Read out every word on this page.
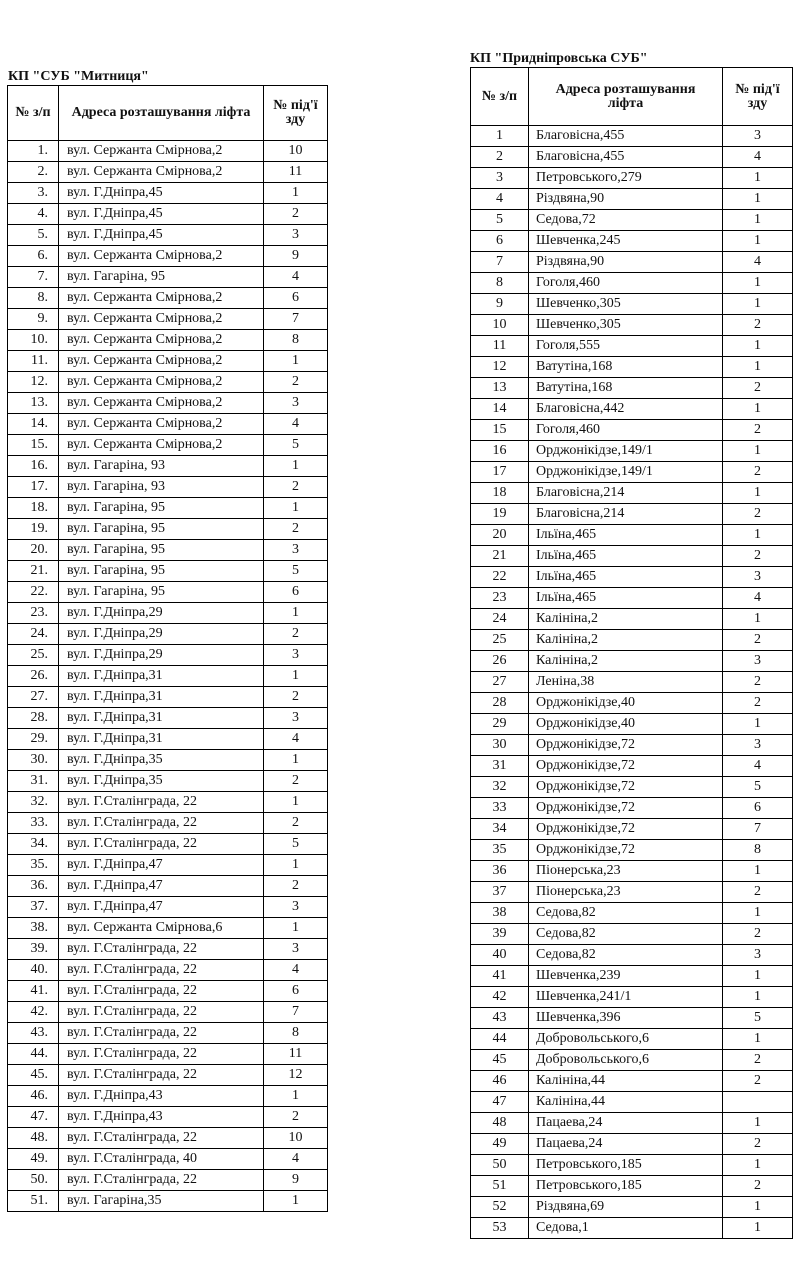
КП "СУБ "Митниця"
№ з/п	Адреса розташування ліфта	№ під'їзду
1.	вул. Сержанта Смірнова,2	10
2.	вул. Сержанта Смірнова,2	11
3.	вул. Г.Дніпра,45	1
4.	вул. Г.Дніпра,45	2
5.	вул. Г.Дніпра,45	3
6.	вул. Сержанта Смірнова,2	9
7.	вул. Гагаріна, 95	4
8.	вул. Сержанта Смірнова,2	6
9.	вул. Сержанта Смірнова,2	7
10.	вул. Сержанта Смірнова,2	8
11.	вул. Сержанта Смірнова,2	1
12.	вул. Сержанта Смірнова,2	2
13.	вул. Сержанта Смірнова,2	3
14.	вул. Сержанта Смірнова,2	4
15.	вул. Сержанта Смірнова,2	5
16.	вул. Гагаріна, 93	1
17.	вул. Гагаріна, 93	2
18.	вул. Гагаріна, 95	1
19.	вул. Гагаріна, 95	2
20.	вул. Гагаріна, 95	3
21.	вул. Гагаріна, 95	5
22.	вул. Гагаріна, 95	6
23.	вул. Г.Дніпра,29	1
24.	вул. Г.Дніпра,29	2
25.	вул. Г.Дніпра,29	3
26.	вул. Г.Дніпра,31	1
27.	вул. Г.Дніпра,31	2
28.	вул. Г.Дніпра,31	3
29.	вул. Г.Дніпра,31	4
30.	вул. Г.Дніпра,35	1
31.	вул. Г.Дніпра,35	2
32.	вул. Г.Сталінграда, 22	1
33.	вул. Г.Сталінграда, 22	2
34.	вул. Г.Сталінграда, 22	5
35.	вул. Г.Дніпра,47	1
36.	вул. Г.Дніпра,47	2
37.	вул. Г.Дніпра,47	3
38.	вул. Сержанта Смірнова,6	1
39.	вул. Г.Сталінграда, 22	3
40.	вул. Г.Сталінграда, 22	4
41.	вул. Г.Сталінграда, 22	6
42.	вул. Г.Сталінграда, 22	7
43.	вул. Г.Сталінграда, 22	8
44.	вул. Г.Сталінграда, 22	11
45.	вул. Г.Сталінграда, 22	12
46.	вул. Г.Дніпра,43	1
47.	вул. Г.Дніпра,43	2
48.	вул. Г.Сталінграда, 22	10
49.	вул. Г.Сталінграда, 40	4
50.	вул. Г.Сталінграда, 22	9
51.	вул. Гагаріна,35	1
КП "Придніпровська СУБ"
№ з/п	Адреса розташування ліфта	№ під'їзду
1	Благовісна,455	3
2	Благовісна,455	4
3	Петровського,279	1
4	Різдвяна,90	1
5	Седова,72	1
6	Шевченка,245	1
7	Різдвяна,90	4
8	Гоголя,460	1
9	Шевченко,305	1
10	Шевченко,305	2
11	Гоголя,555	1
12	Ватутіна,168	1
13	Ватутіна,168	2
14	Благовісна,442	1
15	Гоголя,460	2
16	Орджонікідзе,149/1	1
17	Орджонікідзе,149/1	2
18	Благовісна,214	1
19	Благовісна,214	2
20	Ільїна,465	1
21	Ільїна,465	2
22	Ільїна,465	3
23	Ільїна,465	4
24	Калініна,2	1
25	Калініна,2	2
26	Калініна,2	3
27	Леніна,38	2
28	Орджонікідзе,40	2
29	Орджонікідзе,40	1
30	Орджонікідзе,72	3
31	Орджонікідзе,72	4
32	Орджонікідзе,72	5
33	Орджонікідзе,72	6
34	Орджонікідзе,72	7
35	Орджонікідзе,72	8
36	Піонерська,23	1
37	Піонерська,23	2
38	Седова,82	1
39	Седова,82	2
40	Седова,82	3
41	Шевченка,239	1
42	Шевченка,241/1	1
43	Шевченка,396	5
44	Добровольського,6	1
45	Добровольського,6	2
46	Калініна,44	2
47	Калініна,44	
48	Пацаева,24	1
49	Пацаева,24	2
50	Петровського,185	1
51	Петровського,185	2
52	Різдвяна,69	1
53	Седова,1	1
